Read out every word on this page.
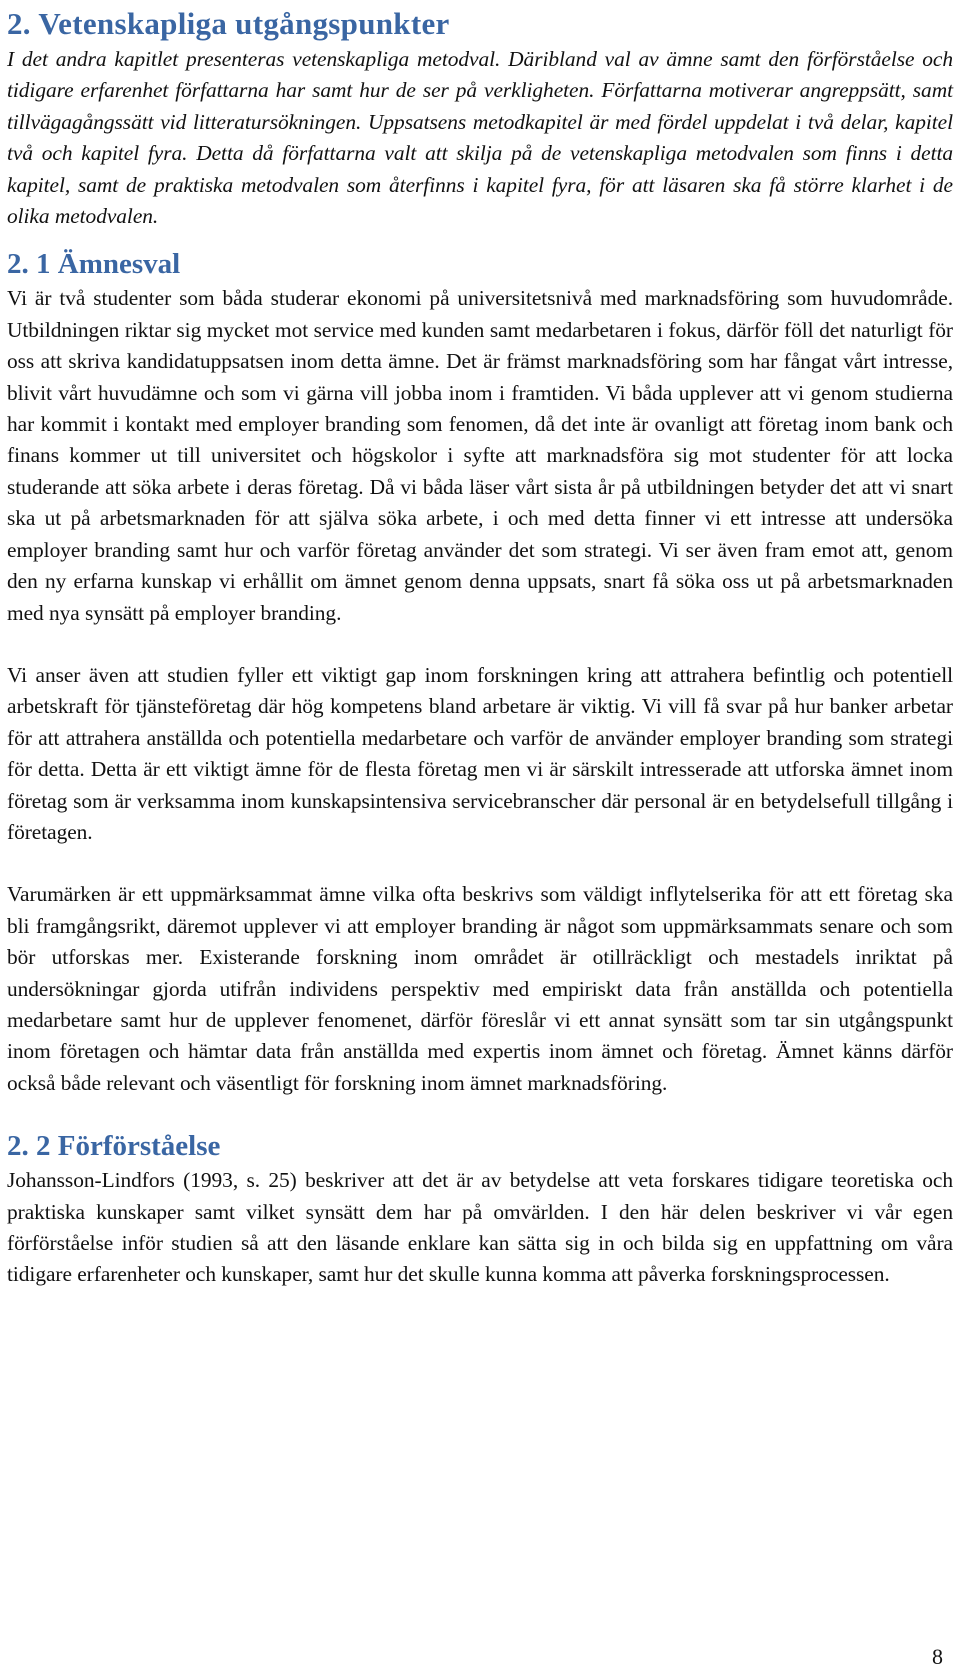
2. Vetenskapliga utgångspunkter

I det andra kapitlet presenteras vetenskapliga metodval. Däribland val av ämne samt den förförståelse och tidigare erfarenhet författarna har samt hur de ser på verkligheten. Författarna motiverar angreppsätt, samt tillvägagångssätt vid litteratursökningen. Uppsatsens metodkapitel är med fördel uppdelat i två delar, kapitel två och kapitel fyra. Detta då författarna valt att skilja på de vetenskapliga metodvalen som finns i detta kapitel, samt de praktiska metodvalen som återfinns i kapitel fyra, för att läsaren ska få större klarhet i de olika metodvalen.

2. 1 Ämnesval

Vi är två studenter som båda studerar ekonomi på universitetsnivå med marknadsföring som huvudområde. Utbildningen riktar sig mycket mot service med kunden samt medarbetaren i fokus, därför föll det naturligt för oss att skriva kandidatuppsatsen inom detta ämne. Det är främst marknadsföring som har fångat vårt intresse, blivit vårt huvudämne och som vi gärna vill jobba inom i framtiden. Vi båda upplever att vi genom studierna har kommit i kontakt med employer branding som fenomen, då det inte är ovanligt att företag inom bank och finans kommer ut till universitet och högskolor i syfte att marknadsföra sig mot studenter för att locka studerande att söka arbete i deras företag. Då vi båda läser vårt sista år på utbildningen betyder det att vi snart ska ut på arbetsmarknaden för att själva söka arbete, i och med detta finner vi ett intresse att undersöka employer branding samt hur och varför företag använder det som strategi. Vi ser även fram emot att, genom den ny erfarna kunskap vi erhållit om ämnet genom denna uppsats, snart få söka oss ut på arbetsmarknaden med nya synsätt på employer branding.

Vi anser även att studien fyller ett viktigt gap inom forskningen kring att attrahera befintlig och potentiell arbetskraft för tjänsteföretag där hög kompetens bland arbetare är viktig. Vi vill få svar på hur banker arbetar för att attrahera anställda och potentiella medarbetare och varför de använder employer branding som strategi för detta. Detta är ett viktigt ämne för de flesta företag men vi är särskilt intresserade att utforska ämnet inom företag som är verksamma inom kunskapsintensiva servicebranscher där personal är en betydelsefull tillgång i företagen.

Varumärken är ett uppmärksammat ämne vilka ofta beskrivs som väldigt inflytelserika för att ett företag ska bli framgångsrikt, däremot upplever vi att employer branding är något som uppmärksammats senare och som bör utforskas mer. Existerande forskning inom området är otillräckligt och mestadels inriktat på undersökningar gjorda utifrån individens perspektiv med empiriskt data från anställda och potentiella medarbetare samt hur de upplever fenomenet, därför föreslår vi ett annat synsätt som tar sin utgångspunkt inom företagen och hämtar data från anställda med expertis inom ämnet och företag. Ämnet känns därför också både relevant och väsentligt för forskning inom ämnet marknadsföring.

2. 2 Förförståelse

Johansson-Lindfors (1993, s. 25) beskriver att det är av betydelse att veta forskares tidigare teoretiska och praktiska kunskaper samt vilket synsätt dem har på omvärlden. I den här delen beskriver vi vår egen förförståelse inför studien så att den läsande enklare kan sätta sig in och bilda sig en uppfattning om våra tidigare erfarenheter och kunskaper, samt hur det skulle kunna komma att påverka forskningsprocessen.

8
